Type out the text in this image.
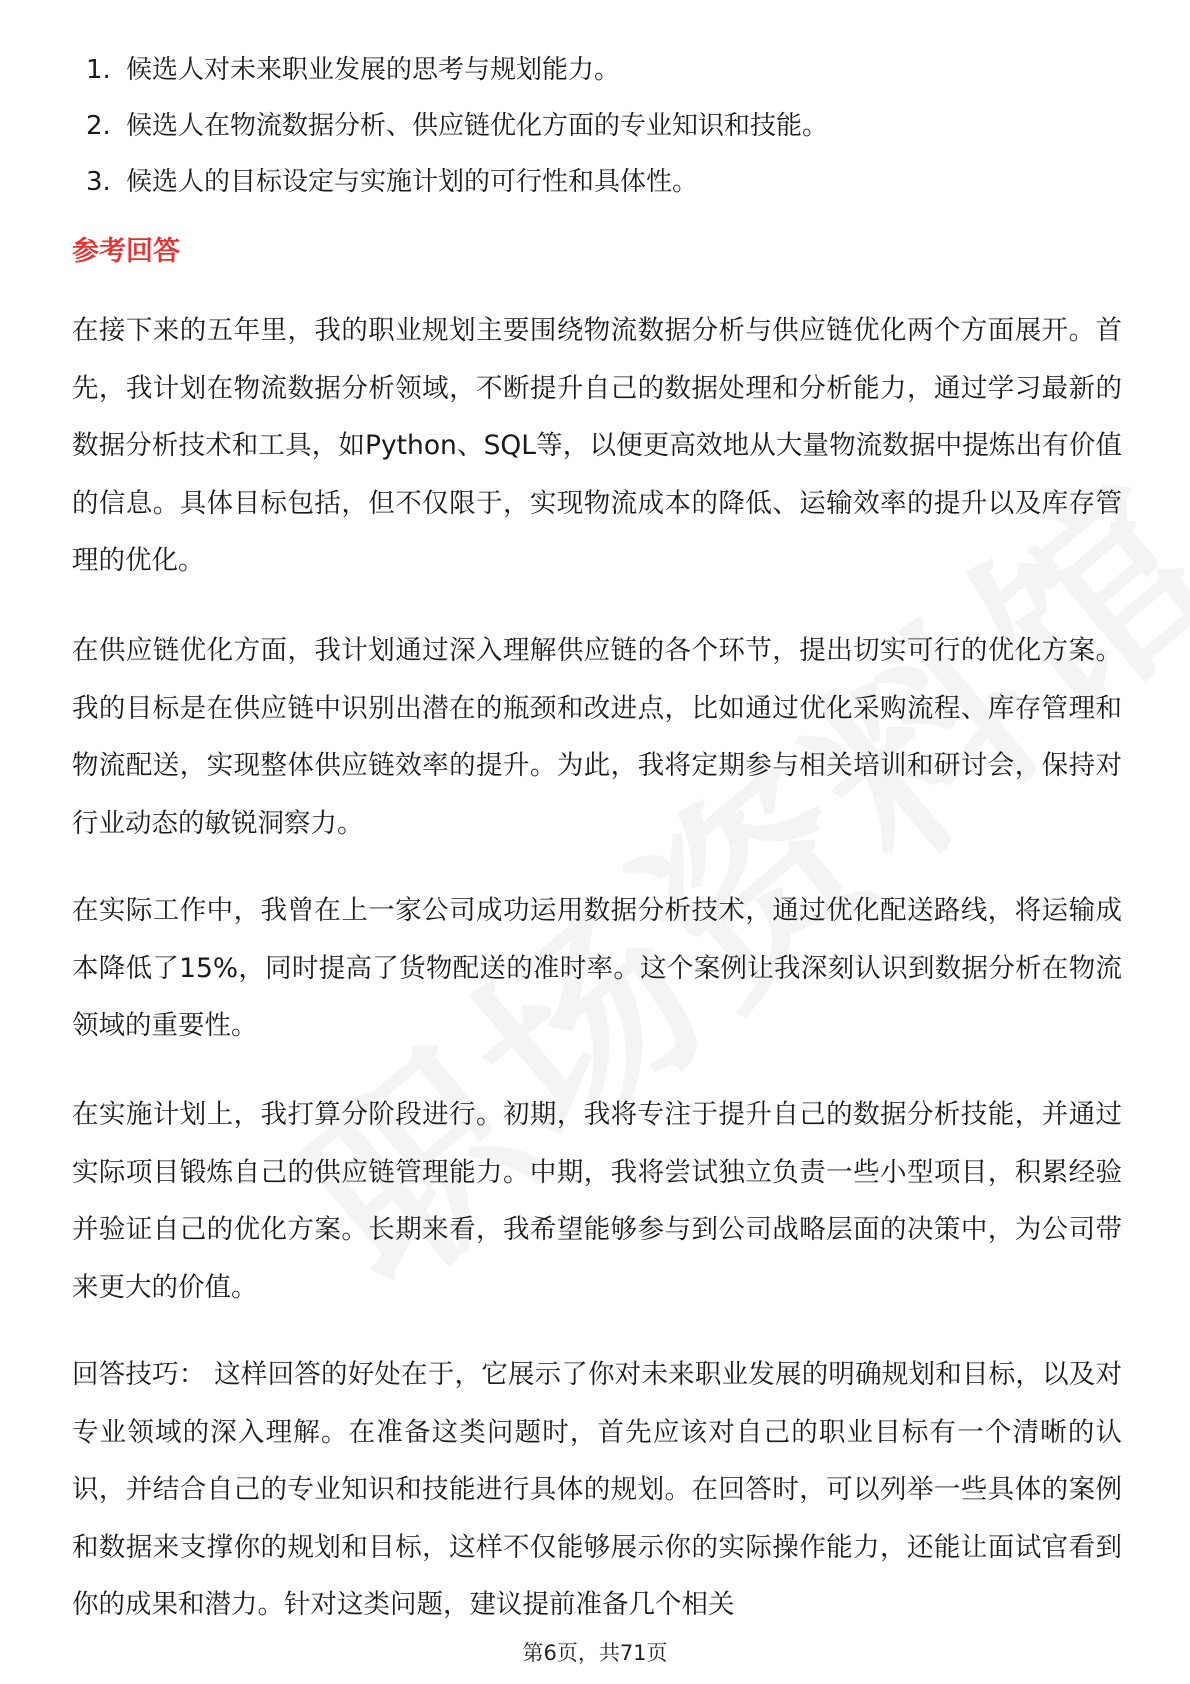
1. 候选人对未来职业发展的思考与规划能力。
2. 候选人在物流数据分析、供应链优化方面的专业知识和技能。
3. 候选人的目标设定与实施计划的可行性和具体性。
参考回答

在接下来的五年里，我的职业规划主要围绕物流数据分析与供应链优化两个方面展开。首先，我计划在物流数据分析领域，不断提升自己的数据处理和分析能力，通过学习最新的数据分析技术和工具，如Python、SQL等，以便更高效地从大量物流数据中提炼出有价值的信息。具体目标包括，但不仅限于，实现物流成本的降低、运输效率的提升以及库存管理的优化。

在供应链优化方面，我计划通过深入理解供应链的各个环节，提出切实可行的优化方案。我的目标是在供应链中识别出潜在的瓶颈和改进点，比如通过优化采购流程、库存管理和物流配送，实现整体供应链效率的提升。为此，我将定期参与相关培训和研讨会，保持对行业动态的敏锐洞察力。

在实际工作中，我曾在上一家公司成功运用数据分析技术，通过优化配送路线，将运输成本降低了15%，同时提高了货物配送的准时率。这个案例让我深刻认识到数据分析在物流领域的重要性。

在实施计划上，我打算分阶段进行。初期，我将专注于提升自己的数据分析技能，并通过实际项目锻炼自己的供应链管理能力。中期，我将尝试独立负责一些小型项目，积累经验并验证自己的优化方案。长期来看，我希望能够参与到公司战略层面的决策中，为公司带来更大的价值。

回答技巧： 这样回答的好处在于，它展示了你对未来职业发展的明确规划和目标，以及对专业领域的深入理解。在准备这类问题时，首先应该对自己的职业目标有一个清晰的认识，并结合自己的专业知识和技能进行具体的规划。在回答时，可以列举一些具体的案例和数据来支撑你的规划和目标，这样不仅能够展示你的实际操作能力，还能让面试官看到你的成果和潜力。针对这类问题，建议提前准备几个相关

第6页，共71页
